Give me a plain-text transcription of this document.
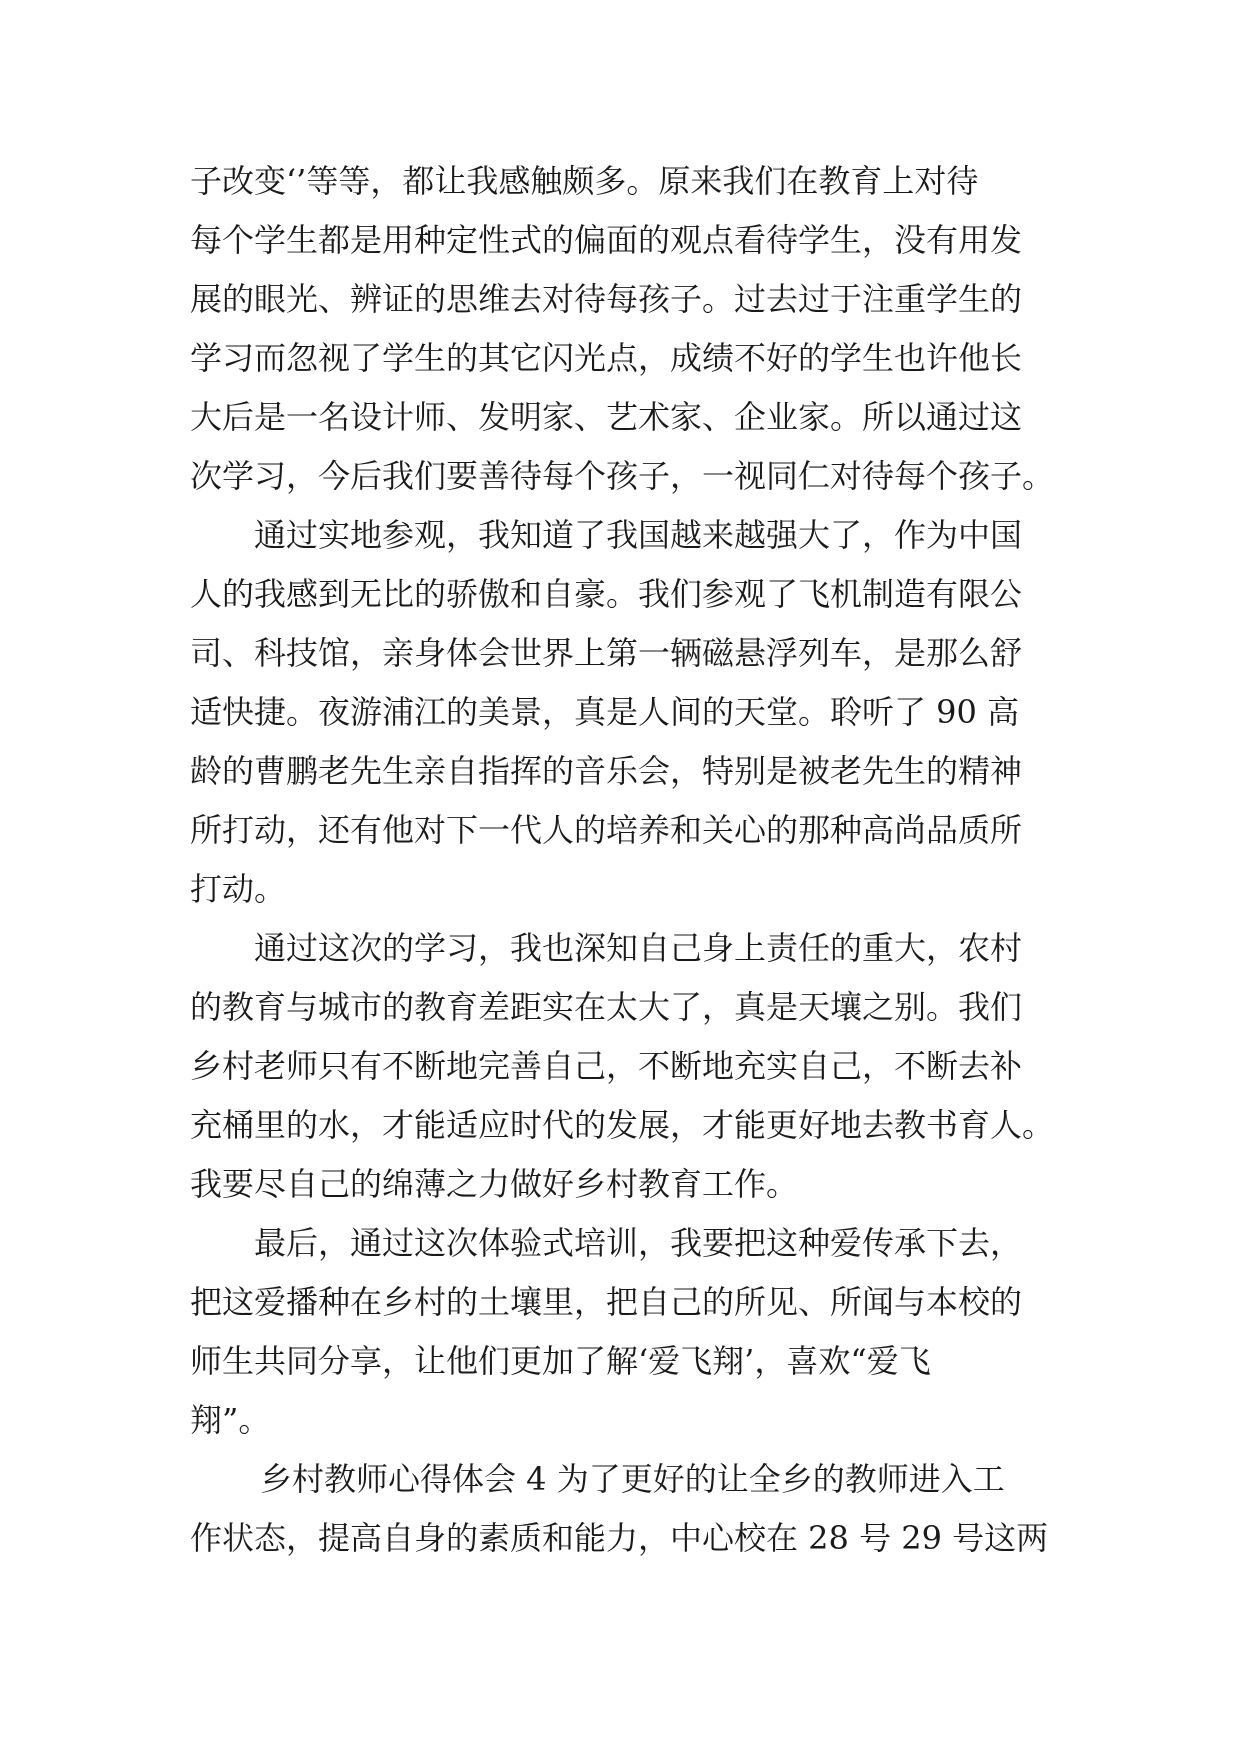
子改变‘’等等，都让我感触颇多。原来我们在教育上对待
每个学生都是用种定性式的偏面的观点看待学生，没有用发
展的眼光、辨证的思维去对待每孩子。过去过于注重学生的
学习而忽视了学生的其它闪光点，成绩不好的学生也许他长
大后是一名设计师、发明家、艺术家、企业家。所以通过这
次学习，今后我们要善待每个孩子，一视同仁对待每个孩子。
通过实地参观，我知道了我国越来越强大了，作为中国
人的我感到无比的骄傲和自豪。我们参观了飞机制造有限公
司、科技馆，亲身体会世界上第一辆磁悬浮列车，是那么舒
适快捷。夜游浦江的美景，真是人间的天堂。聆听了 90 高
龄的曹鹏老先生亲自指挥的音乐会，特别是被老先生的精神
所打动，还有他对下一代人的培养和关心的那种高尚品质所
打动。
通过这次的学习，我也深知自己身上责任的重大，农村
的教育与城市的教育差距实在太大了，真是天壤之别。我们
乡村老师只有不断地完善自己，不断地充实自己，不断去补
充桶里的水，才能适应时代的发展，才能更好地去教书育人。
我要尽自己的绵薄之力做好乡村教育工作。
最后，通过这次体验式培训，我要把这种爱传承下去，
把这爱播种在乡村的土壤里，把自己的所见、所闻与本校的
师生共同分享，让他们更加了解‘爱飞翔’，喜欢“爱飞
翔”。
乡村教师心得体会 4 为了更好的让全乡的教师进入工
作状态，提高自身的素质和能力，中心校在 28 号 29 号这两
